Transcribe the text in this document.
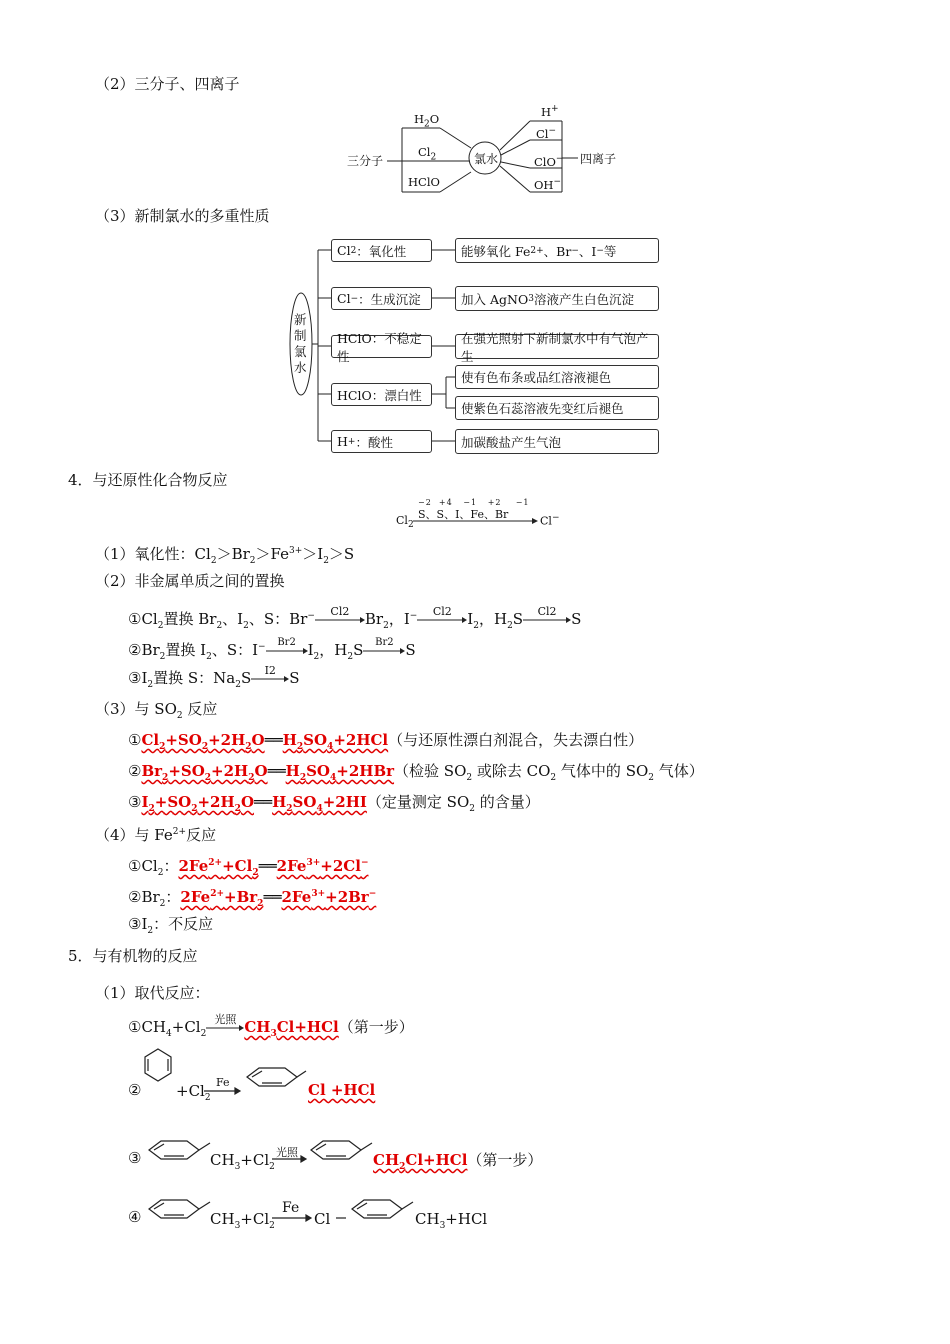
（2）三分子、四离子
三分子
$H_2O$
$Cl_2$
HClO
氯水
H+
Cl−
ClO−
OH−
四离子
（3）新制氯水的多重性质
新制氯水
Cl 2 ：氧化性	能够氧化 Fe 2+ 、Br − 、I − 等
Cl − ：生成沉淀	加入 AgNO 3 溶液产生白色沉淀
HClO：不稳定性
在强光照射下新制氯水中有气泡产生
HClO：漂白性
使有色布条或品红溶液褪色
使紫色石蕊溶液先变红后褪色
H + ：酸性	加碳酸盐产生气泡
4．与还原性化合物反应
$Cl_2$
−2  +4   −1   +2    −1
S、S、I、Fe、Br
Cl−
（1）氧化性：$Cl_2>Br_2>Fe^{3+}>I_2>S$
（2）非金属单质之间的置换
$①Cl_2$置换 $Br_2$、$I_2$、S：Br−	Cl2	$Br_2$，I−	Cl2	$I_2$，$H_2S$	Cl2 S
$②Br_2$置换 $I_2$、S：I−	Br2 $I_2$，$H_2S$	Br2 S
$③I_2$置换 S：$Na_2S$	I2 S
（3）与 $SO_2$ 反应
$①Cl_2+SO_2+2H_2O══H_2SO_4+2HCl$（与还原性漂白剂混合，失去漂白性）
$②Br_2+SO_2+2H_2O══H_2SO_4+2HBr$（检验 $SO_2$ 或除去 $CO_2$ 气体中的 $SO_2$ 气体）
$③I_2+SO_2+2H_2O══H_2SO_4+2HI$（定量测定 $SO_2$ 的含量）
（4）与 $Fe^{2+}$反应
$①Cl_2$：$2Fe^{2+}+Cl_2══2Fe^{3+}+2Cl^-$
$②Br_2$：$2Fe^{2+}+Br_2══2Fe^{3+}+2Br^-$
$③I_2$：不反应
5．与有机物的反应
（1）取代反应：
$①CH_4+Cl_2$
光照 $CH_3Cl+HCl$（第一步）
② $+Cl_2$
Fe	Cl +HCl
③	$CH_3+Cl_2$
光照	$CH_2Cl+HCl$（第一步）
④	$CH_3+Cl_2$
Fe
Cl	$CH_3+HCl$
